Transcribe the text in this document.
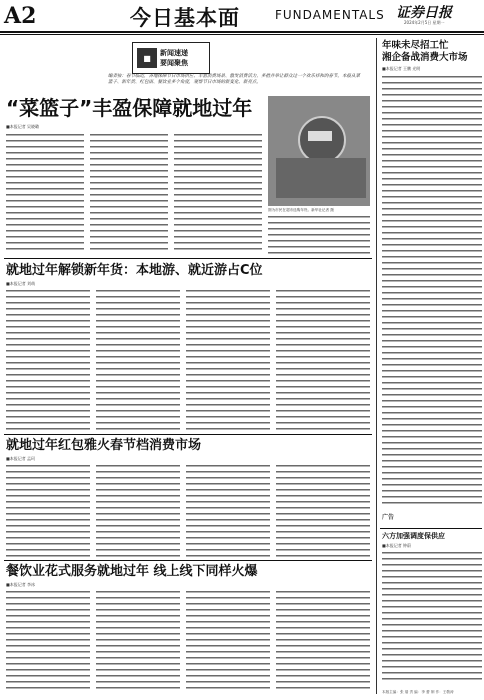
A2	今日基本面	FUNDAMENTALS 证券日报
2024年2月5日 星期一
■
新闻速递
要闻聚焦
编者按：春节临近，各地保障节日市场供应、丰富消费场景、激发消费活力，多措并举让群众过一个欢乐祥和的春节。本报从菜篮子、新年货、红包雨、餐饮业多个角度，观察节日市场的新变化、新亮点。
“菜篮子”丰盈保障就地过年
■本报记者 吴晓璐
图为市民在超市选购年货。新华社记者 摄
就地过年解锁新年货：本地游、就近游占C位
■本报记者 刘萌
就地过年红包雅火春节档消费市场
■本报记者 孟珂
餐饮业花式服务就地过年 线上线下同样火爆
■本报记者 李冰
年味未尽招工忙
湘企备战消费大市场
■本报记者 王鹏 光明
广告
六方加强调度保供应
■本报记者 钟蔚
本版主编：张 瑞 责 编：李 蕾 制 作：王敬涛
